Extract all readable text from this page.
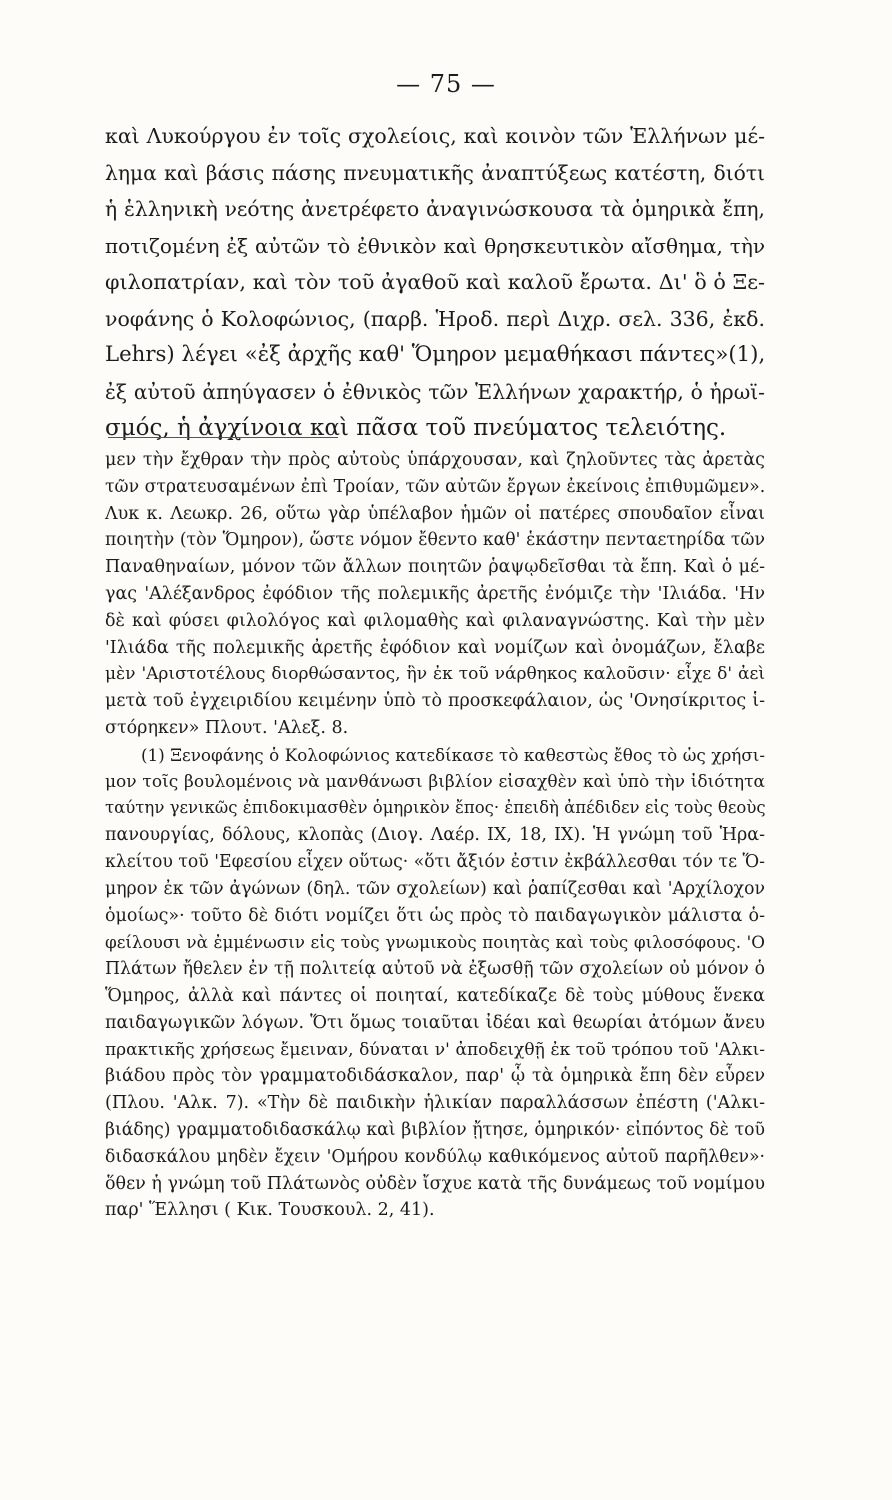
— 75 —
καὶ Λυκούργου ἐν τοῖς σχολείοις, καὶ κοινὸν τῶν Ἑλλήνων μέ-
λημα καὶ βάσις πάσης πνευματικῆς ἀναπτύξεως κατέστη, διότι
ἡ ἑλληνικὴ νεότης ἀνετρέφετο ἀναγινώσκουσα τὰ ὁμηρικὰ ἔπη,
ποτιζομένη ἐξ αὐτῶν τὸ ἐθνικὸν καὶ θρησκευτικὸν αἴσθημα, τὴν
φιλοπατρίαν, καὶ τὸν τοῦ ἀγαθοῦ καὶ καλοῦ ἔρωτα. Δι' ὃ ὁ Ξε-
νοφάνης ὁ Κολοφώνιος, (παρβ. Ἡροδ. περὶ Διχρ. σελ. 336, ἐκδ.
Lehrs) λέγει «ἐξ ἀρχῆς καθ' Ὅμηρον μεμαθήκασι πάντες»(1),
ἐξ αὐτοῦ ἀπηύγασεν ὁ ἐθνικὸς τῶν Ἑλλήνων χαρακτήρ, ὁ ἡρωϊ-
σμός, ἡ ἀγχίνοια καὶ πᾶσα τοῦ πνεύματος τελειότης.
μεν τὴν ἔχθραν τὴν πρὸς αὐτοὺς ὑπάρχουσαν, καὶ ζηλοῦντες τὰς ἀρετὰς
τῶν στρατευσαμένων ἐπὶ Τροίαν, τῶν αὐτῶν ἔργων ἐκείνοις ἐπιθυμῶμεν».
Λυκ κ. Λεωκρ. 26, οὕτω γὰρ ὑπέλαβον ἡμῶν οἱ πατέρες σπουδαῖον εἶναι
ποιητὴν (τὸν Ὅμηρον), ὥστε νόμον ἔθεντο καθ' ἑκάστην πενταετηρίδα τῶν
Παναθηναίων, μόνον τῶν ἄλλων ποιητῶν ῥαψῳδεῖσθαι τὰ ἔπη. Καὶ ὁ μέ-
γας 'Αλέξανδρος ἐφόδιον τῆς πολεμικῆς ἀρετῆς ἐνόμιζε τὴν 'Ιλιάδα. 'Ην
δὲ καὶ φύσει φιλολόγος καὶ φιλομαθὴς καὶ φιλαναγνώστης. Καὶ τὴν μὲν
'Ιλιάδα τῆς πολεμικῆς ἀρετῆς ἐφόδιον καὶ νομίζων καὶ ὀνομάζων, ἔλαβε
μὲν 'Αριστοτέλους διορθώσαντος, ἣν ἐκ τοῦ νάρθηκος καλοῦσιν· εἶχε δ' ἀεὶ
μετὰ τοῦ ἐγχειριδίου κειμένην ὑπὸ τὸ προσκεφάλαιον, ὡς 'Ονησίκριτος ἱ-
στόρηκεν» Πλουτ. 'Αλεξ. 8.
(1) Ξενοφάνης ὁ Κολοφώνιος κατεδίκασε τὸ καθεστὼς ἔθος τὸ ὡς χρήσι-
μον τοῖς βουλομένοις νὰ μανθάνωσι βιβλίον εἰσαχθὲν καὶ ὑπὸ τὴν ἰδιότητα
ταύτην γενικῶς ἐπιδοκιμασθὲν ὁμηρικὸν ἔπος· ἐπειδὴ ἀπέδιδεν εἰς τοὺς θεοὺς
πανουργίας, δόλους, κλοπὰς (Διογ. Λαέρ. IX, 18, IX). Ἡ γνώμη τοῦ Ἡρα-
κλείτου τοῦ 'Εφεσίου εἶχεν οὕτως· «ὅτι ἄξιόν ἐστιν ἐκβάλλεσθαι τόν τε Ὅ-
μηρον ἐκ τῶν ἀγώνων (δηλ. τῶν σχολείων) καὶ ῥαπίζεσθαι καὶ 'Αρχίλοχον
ὁμοίως»· τοῦτο δὲ διότι νομίζει ὅτι ὡς πρὸς τὸ παιδαγωγικὸν μάλιστα ὁ-
φείλουσι νὰ ἐμμένωσιν εἰς τοὺς γνωμικοὺς ποιητὰς καὶ τοὺς φιλοσόφους. 'Ο
Πλάτων ἤθελεν ἐν τῇ πολιτείᾳ αὐτοῦ νὰ ἐξωσθῇ τῶν σχολείων οὐ μόνον ὁ
Ὅμηρος, ἀλλὰ καὶ πάντες οἱ ποιηταί, κατεδίκαζε δὲ τοὺς μύθους ἕνεκα
παιδαγωγικῶν λόγων. Ὅτι ὅμως τοιαῦται ἰδέαι καὶ θεωρίαι ἀτόμων ἄνευ
πρακτικῆς χρήσεως ἔμειναν, δύναται ν' ἀποδειχθῇ ἐκ τοῦ τρόπου τοῦ 'Αλκι-
βιάδου πρὸς τὸν γραμματοδιδάσκαλον, παρ' ᾧ τὰ ὁμηρικὰ ἔπη δὲν εὗρεν
(Πλου. 'Αλκ. 7). «Τὴν δὲ παιδικὴν ἡλικίαν παραλλάσσων ἐπέστη ('Αλκι-
βιάδης) γραμματοδιδασκάλῳ καὶ βιβλίον ᾔτησε, ὁμηρικόν· εἰπόντος δὲ τοῦ
διδασκάλου μηδὲν ἔχειν 'Ομήρου κονδύλῳ καθικόμενος αὐτοῦ παρῆλθεν»·
ὅθεν ἡ γνώμη τοῦ Πλάτωνὸς οὐδὲν ἴσχυε κατὰ τῆς δυνάμεως τοῦ νομίμου
παρ' Ἕλλησι ( Κικ. Τουσκουλ. 2, 41).
